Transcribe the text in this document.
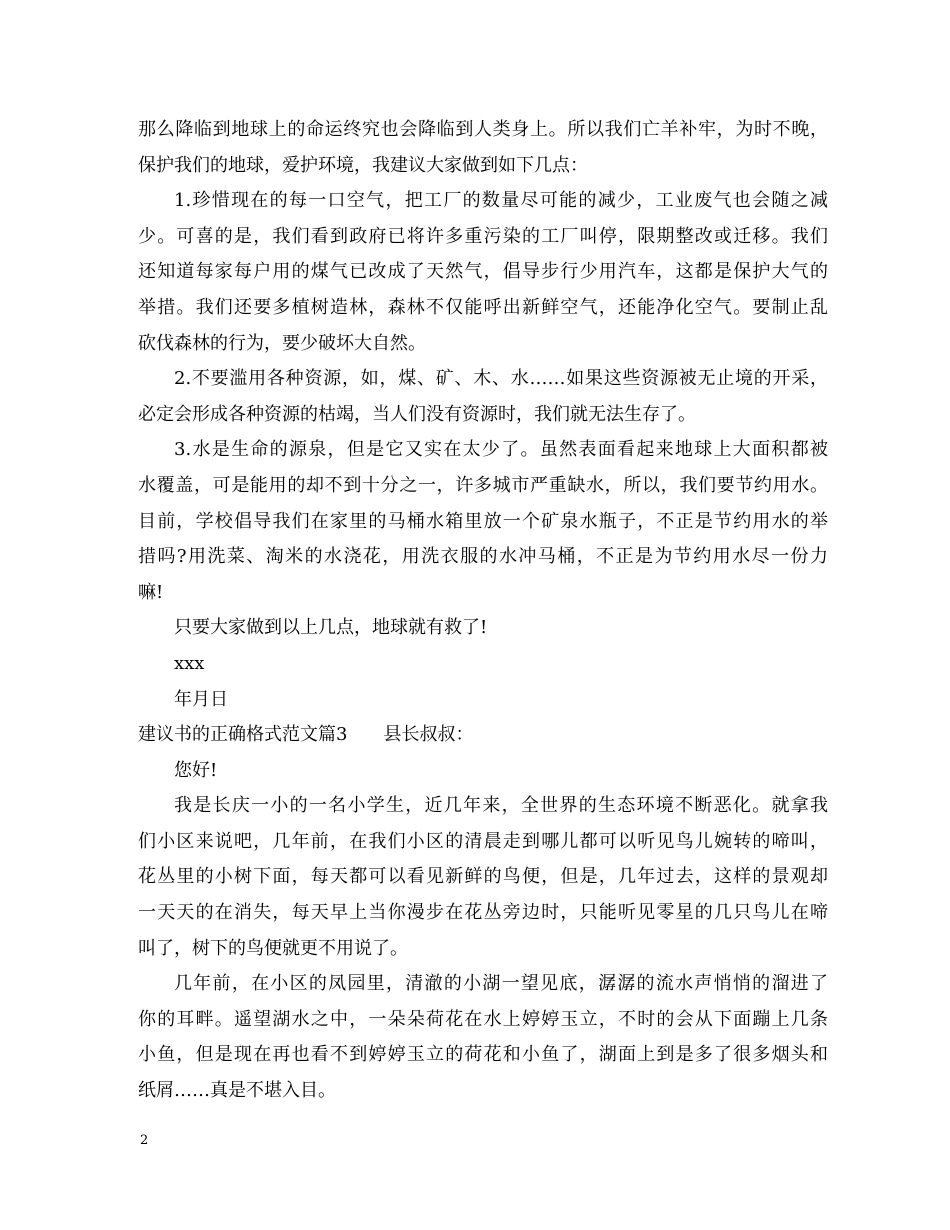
那么降临到地球上的命运终究也会降临到人类身上。所以我们亡羊补牢，为时不晚，
保护我们的地球，爱护环境，我建议大家做到如下几点：
1.珍惜现在的每一口空气，把工厂的数量尽可能的减少，工业废气也会随之减
少。可喜的是，我们看到政府已将许多重污染的工厂叫停，限期整改或迁移。我们
还知道每家每户用的煤气已改成了天然气，倡导步行少用汽车，这都是保护大气的
举措。我们还要多植树造林，森林不仅能呼出新鲜空气，还能净化空气。要制止乱
砍伐森林的行为，要少破坏大自然。
2.不要滥用各种资源，如，煤、矿、木、水……如果这些资源被无止境的开采，
必定会形成各种资源的枯竭，当人们没有资源时，我们就无法生存了。
3.水是生命的源泉，但是它又实在太少了。虽然表面看起来地球上大面积都被
水覆盖，可是能用的却不到十分之一，许多城市严重缺水，所以，我们要节约用水。
目前，学校倡导我们在家里的马桶水箱里放一个矿泉水瓶子，不正是节约用水的举
措吗?用洗菜、淘米的水浇花，用洗衣服的水冲马桶，不正是为节约用水尽一份力
嘛!
只要大家做到以上几点，地球就有救了!
xxx
年月日
建议书的正确格式范文篇3 县长叔叔：
您好!
我是长庆一小的一名小学生，近几年来，全世界的生态环境不断恶化。就拿我
们小区来说吧，几年前，在我们小区的清晨走到哪儿都可以听见鸟儿婉转的啼叫，
花丛里的小树下面，每天都可以看见新鲜的鸟便，但是，几年过去，这样的景观却
一天天的在消失，每天早上当你漫步在花丛旁边时，只能听见零星的几只鸟儿在啼
叫了，树下的鸟便就更不用说了。
几年前，在小区的凤园里，清澈的小湖一望见底，潺潺的流水声悄悄的溜进了
你的耳畔。遥望湖水之中，一朵朵荷花在水上婷婷玉立，不时的会从下面蹦上几条
小鱼，但是现在再也看不到婷婷玉立的荷花和小鱼了，湖面上到是多了很多烟头和
纸屑……真是不堪入目。
2
